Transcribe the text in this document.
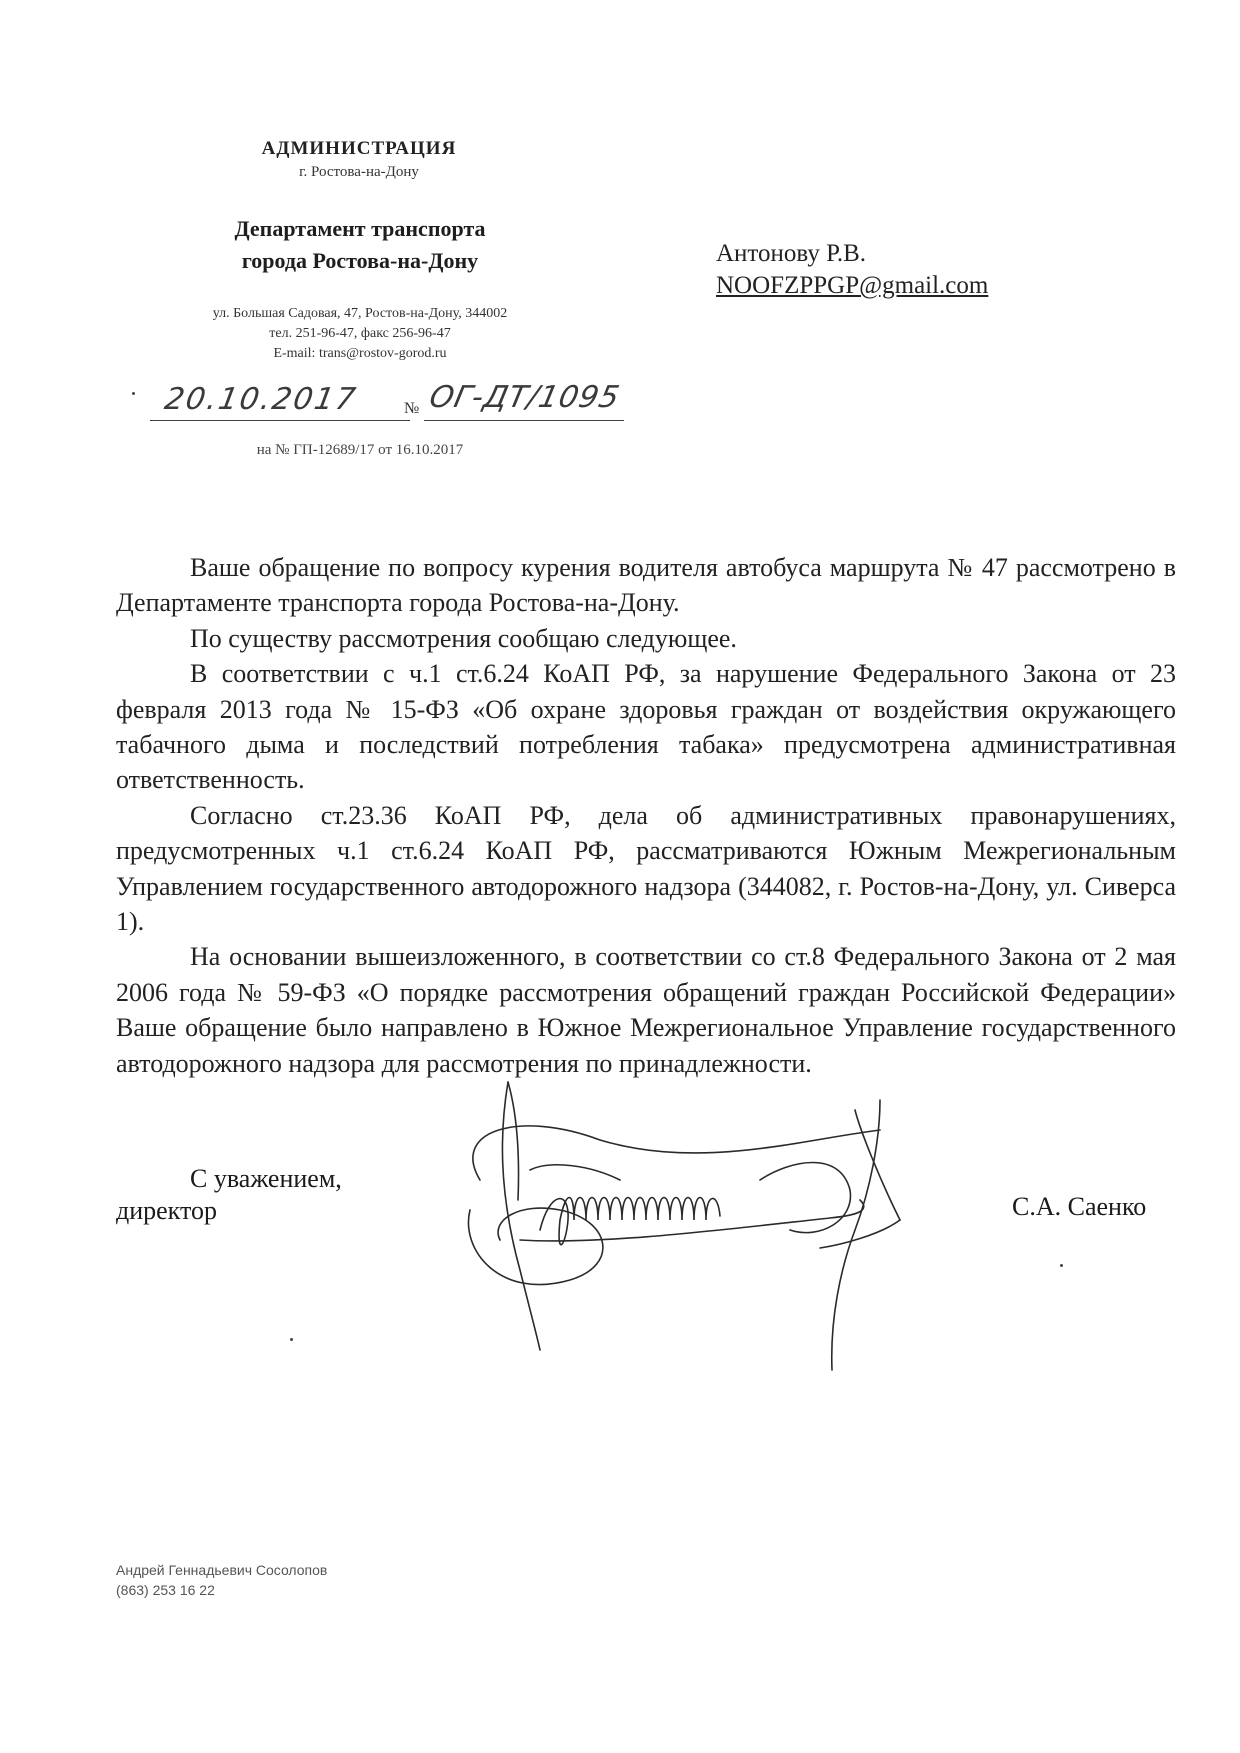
АДМИНИСТРАЦИЯ
г. Ростова-на-Дону
Департамент транспорта
города Ростова-на-Дону
ул. Большая Садовая, 47, Ростов-на-Дону, 344002
тел. 251-96-47, факс 256-96-47
E-mail: trans@rostov-gorod.ru
20.10.2017	№ ОГ-ДТ/1095
на № ГП-12689/17 от 16.10.2017
Антонову Р.В.
NOOFZPPGP@gmail.com

Ваше обращение по вопросу курения водителя автобуса маршрута № 47 рассмотрено в Департаменте транспорта города Ростова-на-Дону.

По существу рассмотрения сообщаю следующее.

В соответствии с ч.1 ст.6.24 КоАП РФ, за нарушение Федерального Закона от 23 февраля 2013 года № 15-ФЗ «Об охране здоровья граждан от воздействия окружающего табачного дыма и последствий потребления табака» предусмотрена административная ответственность.

Согласно ст.23.36 КоАП РФ, дела об административных правонарушениях, предусмотренных ч.1 ст.6.24 КоАП РФ, рассматриваются Южным Межрегиональным Управлением государственного автодорожного надзора (344082, г. Ростов-на-Дону, ул. Сиверса 1).

На основании вышеизложенного, в соответствии со ст.8 Федерального Закона от 2 мая 2006 года № 59-ФЗ «О порядке рассмотрения обращений граждан Российской Федерации» Ваше обращение было направлено в Южное Межрегиональное Управление государственного автодорожного надзора для рассмотрения по принадлежности.

С уважением,
директор	С.А. Саенко
Андрей Геннадьевич Сосолопов
(863) 253 16 22
